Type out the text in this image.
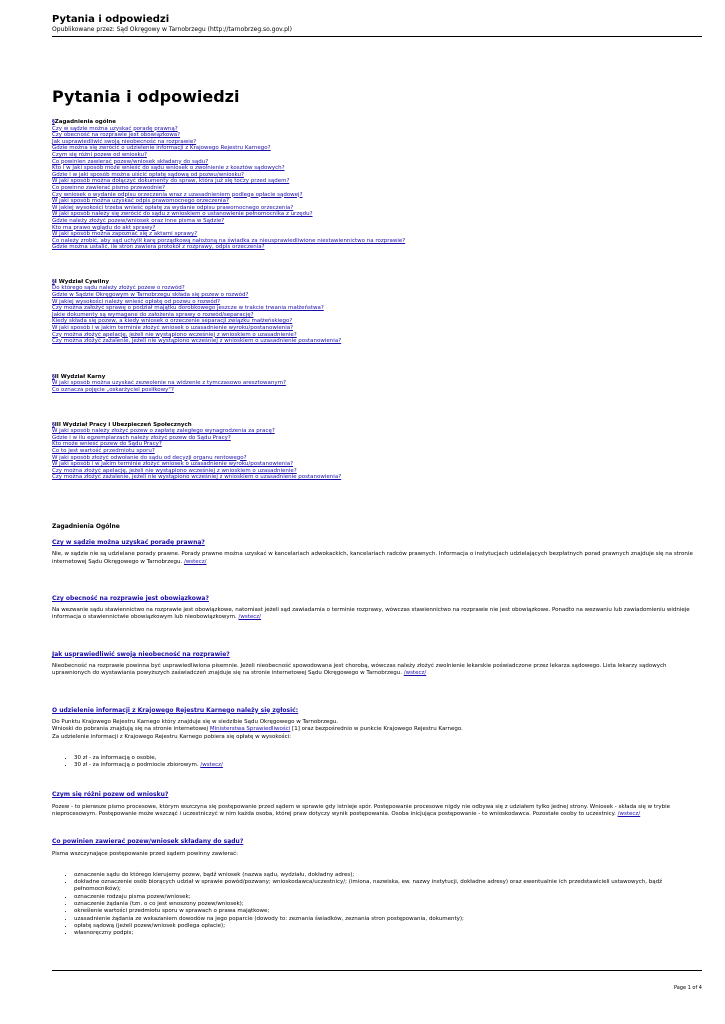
Pytania i odpowiedzi
Opublikowane przez: Sąd Okręgowy w Tarnobrzegu (http://tarnobrzeg.so.gov.pl)
Pytania i odpowiedzi
§Zagadnienia ogólne
Czy w sądzie można uzyskać poradę prawną?
Czy obecność na rozprawie jest obowiązkowa?
Jak usprawiedliwić swoją nieobecność na rozprawie?
Gdzie można się zwrócić o udzielenie informacji z Krajowego Rejestru Karnego?
Czym się różni pozew od wniosku?
Co powinien zawierać pozew/wniosek składany do sądu?
Kto i w jaki sposób może wnieść do sądu wniosek o zwolnienie z kosztów sądowych?
Gdzie i w jaki sposób można uiścić opłatę sądową od pozwu/wniosku?
W jaki sposób można dołączyć dokumenty do spraw, która już się toczy przed sądem?
Co powinno zawierać pismo przewodnie?
Czy wniosek o wydanie odpisu orzeczenia wraz z uzasadnieniem podlega opłacie sądowej?
W jaki sposób można uzyskać odpis prawomocnego orzeczenia?
W jakiej wysokości trzeba wnieść opłatę za wydanie odpisu prawomocnego orzeczenia?
W jaki sposób należy się zwrócić do sądu z wnioskiem o ustanowienie pełnomocnika z urzędu?
Gdzie należy złożyć pozew/wniosek oraz inne pisma w Sądzie?
Kto ma prawo wglądu do akt sprawy?
W jaki sposób można zapoznać się z aktami sprawy?
Co należy zrobić, aby sąd uchylił karę porządkową nałożoną na świadka za nieusprawiedliwione niestawiennictwo na rozprawie?
Gdzie można ustalić, ile stron zawiera protokół z rozprawy, odpis orzeczenia?
§I Wydział Cywilny
Do którego sądu należy złożyć pozew o rozwód?
Gdzie w Sądzie Okręgowym w Tarnobrzegu składa się pozew o rozwód?
W jakiej wysokości należy wnieść opłatę od pozwu o rozwód?
Czy można założyć sprawę o podział majątku dorobkowego jeszcze w trakcie trwania małżeństwa?
Jakie dokumenty są wymagane do założenia sprawy o rozwód/separację?
Kiedy składa się pozew, a kiedy wniosek o orzeczenie separacji związku małżeńskiego?
W jaki sposób i w jakim terminie złożyć wniosek o uzasadnienie wyroku/postanowienia?
Czy można złożyć apelację, jeżeli nie wystąpiono wcześniej z wnioskiem o uzasadnienie?
Czy można złożyć zażalenie, jeżeli nie wystąpiono wcześniej z wnioskiem o uzasadnienie postanowienia?
§II Wydział Karny
W jaki sposób można uzyskać zezwolenie na widzenie z tymczasowo aresztowanym?
Co oznacza pojęcie „oskarżyciel posiłkowy"?
§III Wydział Pracy i Ubezpieczeń Społecznych
W jaki sposób należy złożyć pozew o zapłatę zaległego wynagrodzenia za pracę?
Gdzie i w ilu egzemplarzach należy złożyć pozew do Sądu Pracy?
Kto może wnieść pozew do Sądu Pracy?
Co to jest wartość przedmiotu sporu?
W jaki sposób złożyć odwołanie do sądu od decyzji organu rentowego?
W jaki sposób i w jakim terminie złożyć wniosek o uzasadnienie wyroku/postanowienia?
Czy można złożyć apelację, jeżeli nie wystąpiono wcześniej z wnioskiem o uzasadnienie?
Czy można złożyć zażalenie, jeżeli nie wystąpiono wcześniej z wnioskiem o uzasadnienie postanowienia?
Zagadnienia Ogólne
Czy w sądzie można uzyskać poradę prawną?
Nie, w sądzie nie są udzielane porady prawne. Porady prawne można uzyskać w kancelariach adwokackich, kancelariach radców prawnych. Informacja o instytucjach udzielających bezpłatnych porad prawnych znajduje się na stronie internetowej Sądu Okręgowego w Tarnobrzegu. /wstecz/
Czy obecność na rozprawie jest obowiązkowa?
Na wezwanie sądu stawiennictwo na rozprawie jest obowiązkowe, natomiast jeżeli sąd zawiadamia o terminie rozprawy, wówczas stawiennictwo na rozprawie nie jest obowiązkowe. Ponadto na wezwaniu lub zawiadomieniu widnieje informacja o stawiennictwie obowiązkowym lub nieobowiązkowym. /wstecz/
Jak usprawiedliwić swoją nieobecność na rozprawie?
Nieobecność na rozprawie powinna być usprawiedliwiona pisemnie. Jeżeli nieobecność spowodowana jest chorobą, wówczas należy złożyć zwolnienie lekarskie poświadczone przez lekarza sądowego. Lista lekarzy sądowych uprawnionych do wystawiania powyższych zaświadczeń znajduje się na stronie internetowej Sądu Okręgowego w Tarnobrzegu. /wstecz/
O udzielenie informacji z Krajowego Rejestru Karnego należy się zgłosić:
Do Punktu Krajowego Rejestru Karnego który znajduje się w siedzibie Sądu Okręgowego w Tarnobrzegu.
Wnioski do pobrania znajdują się na stronie internetowej Ministerstwa Sprawiedliwości [1] oraz bezpośrednio w punkcie Krajowego Rejestru Karnego.
Za udzielenie informacji z Krajowego Rejestru Karnego pobiera się opłatę w wysokości:
• 30 zł - za informacją o osobie,
• 30 zł - za informacją o podmiocie zbiorowym. /wstecz/
Czym się różni pozew od wniosku?
Pozew - to pierwsze pismo procesowe, którym wszczyna się postępowanie przed sądem w sprawie gdy istnieje spór. Postępowanie procesowe nigdy nie odbywa się z udziałem tylko jednej strony. Wniosek - składa się w trybie nieprocesowym. Postępowanie może wszcząć i uczestniczyć w nim każda osoba, której praw dotyczy wynik postępowania. Osoba inicjująca postępowanie - to wnioskodawca. Pozostałe osoby to uczestnicy. /wstecz/
Co powinien zawierać pozew/wniosek składany do sądu?
Pisma wszczynające postępowanie przed sądem powinny zawierać:
• oznaczenie sądu do którego kierujemy pozew, bądź wniosek (nazwa sądu, wydziału, dokładny adres);
• dokładne oznaczenie osób biorących udział w sprawie powód/pozwany; wnioskodawca/uczestnicy/; (imiona, nazwiska, ew. nazwy instytucji, dokładne adresy) oraz ewentualnie ich przedstawicieli ustawowych, bądź pełnomocników);
• oznaczenie rodzaju pisma pozew/wniosek;
• oznaczenie żądania (tzn. o co jest wnoszony pozew/wniosek);
• określenie wartości przedmiotu sporu w sprawach o prawa majątkowe;
• uzasadnienie żądania ze wskazaniem dowodów na jego poparcie (dowody to: zeznania świadków, zeznania stron postępowania, dokumenty);
• opłatę sądową (jeżeli pozew/wniosek podlega opłacie);
• własnoręczny podpis;
Page 1 of 4
